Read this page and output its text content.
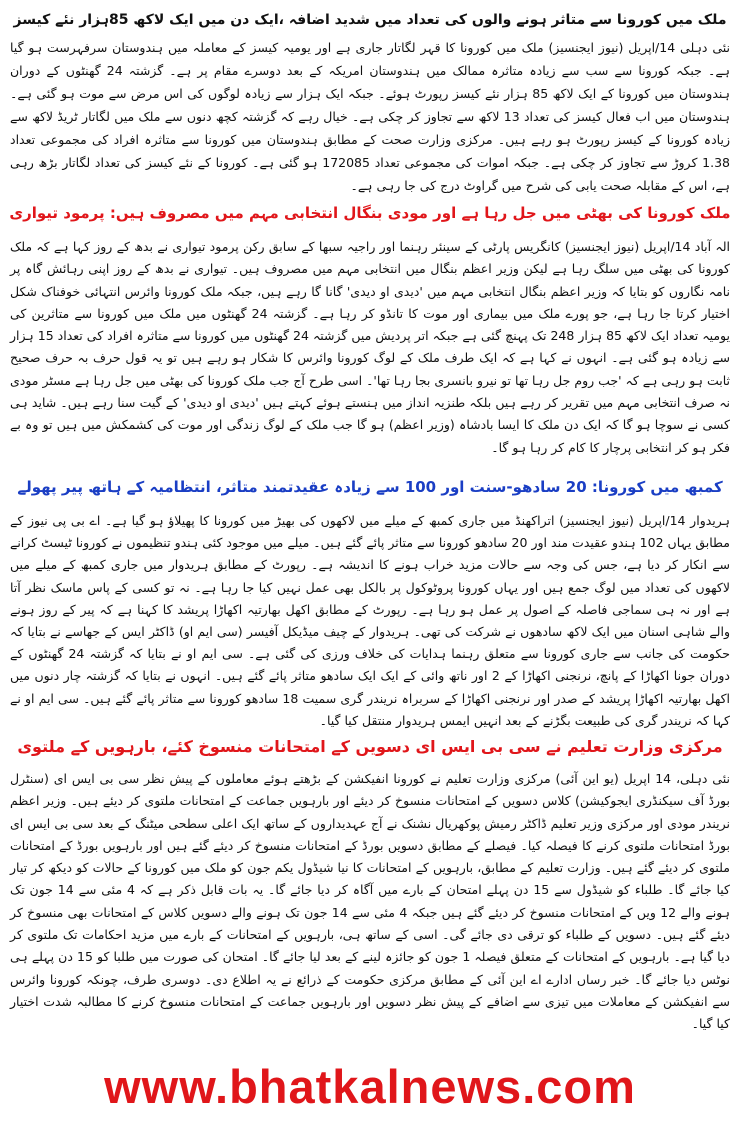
ملک میں کورونا سے متاثر ہونے والوں کی تعداد میں شدید اضافہ ،ایک دن میں ایک لاکھ 85ہزار نئے کیسز
نئی دہلی 14/اپریل (نیوز ایجنسیز) ملک میں کورونا کا قہر لگاتار جاری ہے اور یومیہ کیسز کے معاملہ میں ہندوستان سرفہرست ہو گیا ہے۔ جبکہ کورونا سے سب سے زیادہ متاثرہ ممالک میں ہندوستان امریکہ کے بعد دوسرے مقام پر ہے۔ گزشتہ 24 گھنٹوں کے دوران ہندوستان میں کورونا کے ایک لاکھ 85 ہزار نئے کیسز رپورٹ ہوئے۔ جبکہ ایک ہزار سے زیادہ لوگوں کی اس مرض سے موت ہو گئی ہے۔ ہندوستان میں اب فعال کیسز کی تعداد 13 لاکھ سے تجاوز کر چکی ہے۔ خیال رہے کہ گزشتہ کچھ دنوں سے ملک میں لگاتار ٹریڈ لاکھ سے زیادہ کورونا کے کیسز رپورٹ ہو رہے ہیں۔ مرکزی وزارت صحت کے مطابق ہندوستان میں کورونا سے متاثرہ افراد کی مجموعی تعداد 1.38 کروڑ سے تجاوز کر چکی ہے۔ جبکہ اموات کی مجموعی تعداد 172085 ہو گئی ہے۔ کورونا کے نئے کیسز کی تعداد لگاتار بڑھ رہی ہے، اس کے مقابلہ صحت یابی کی شرح میں گراوٹ درج کی جا رہی ہے۔
ملک کورونا کی بھٹی میں جل رہا ہے اور مودی بنگال انتخابی مہم میں مصروف ہیں: پرمود تیواری
الہ آباد 14/اپریل (نیوز ایجنسیز) کانگریس پارٹی کے سینئر رہنما اور راجیہ سبھا کے سابق رکن پرمود تیواری نے بدھ کے روز کہا ہے کہ ملک کورونا کی بھٹی میں سلگ رہا ہے لیکن وزیر اعظم بنگال میں انتخابی مہم میں مصروف ہیں۔ تیواری نے بدھ کے روز اپنی رہائش گاہ پر نامہ نگاروں کو بتایا کہ وزیر اعظم بنگال انتخابی مہم میں 'دیدی او دیدی' گانا گا رہے ہیں، جبکہ ملک کورونا وائرس انتہائی خوفناک شکل اختیار کرتا جا رہا ہے، جو پورے ملک میں بیماری اور موت کا تانڈو کر رہا ہے۔ گزشتہ 24 گھنٹوں میں ملک میں کورونا سے متاثرین کی یومیہ تعداد ایک لاکھ 85 ہزار 248 تک پہنچ گئی ہے جبکہ اتر پردیش میں گزشتہ 24 گھنٹوں میں کورونا سے متاثرہ افراد کی تعداد 15 ہزار سے زیادہ ہو گئی ہے۔ انہوں نے کہا ہے کہ ایک طرف ملک کے لوگ کورونا وائرس کا شکار ہو رہے ہیں تو یہ قول حرف بہ حرف صحیح ثابت ہو رہی ہے کہ 'جب روم جل رہا تھا تو نیرو بانسری بجا رہا تھا'۔ اسی طرح آج جب ملک کورونا کی بھٹی میں جل رہا ہے مسٹر مودی نہ صرف انتخابی مہم میں تقریر کر رہے ہیں بلکہ طنزیہ انداز میں ہنستے ہوئے کہتے ہیں 'دیدی او دیدی' کے گیت سنا رہے ہیں۔ شاید ہی کسی نے سوچا ہو گا کہ ایک دن ملک کا ایسا بادشاہ (وزیر اعظم) ہو گا جب ملک کے لوگ زندگی اور موت کی کشمکش میں ہیں تو وہ بے فکر ہو کر انتخابی پرچار کا کام کر رہا ہو گا۔
کمبھ میں کورونا: 20 سادھو-سنت اور 100 سے زیادہ عقیدتمند متاثر، انتظامیہ کے ہاتھ پیر پھولے
ہریدوار 14/اپریل (نیوز ایجنسیز) اتراکھنڈ میں جاری کمبھ کے میلے میں لاکھوں کی بھیڑ میں کورونا کا پھیلاؤ ہو گیا ہے۔ اے بی پی نیوز کے مطابق یہاں 102 ہندو عقیدت مند اور 20 سادھو کورونا سے متاثر پائے گئے ہیں۔ میلے میں موجود کئی ہندو تنظیموں نے کورونا ٹیسٹ کرانے سے انکار کر دیا ہے، جس کی وجہ سے حالات مزید خراب ہونے کا اندیشہ ہے۔ رپورٹ کے مطابق ہریدوار میں جاری کمبھ کے میلے میں لاکھوں کی تعداد میں لوگ جمع ہیں اور یہاں کورونا پروٹوکول پر بالکل بھی عمل نہیں کیا جا رہا ہے۔ نہ تو کسی کے پاس ماسک نظر آتا ہے اور نہ ہی سماجی فاصلہ کے اصول پر عمل ہو رہا ہے۔ رپورٹ کے مطابق اکھل بھارتیہ اکھاڑا پریشد کا کہنا ہے کہ پیر کے روز ہونے والے شاہی اسنان میں ایک لاکھ سادھوں نے شرکت کی تھی۔ ہریدوار کے چیف میڈیکل آفیسر (سی ایم او) ڈاکٹر ایس کے جھاسے نے بتایا کہ حکومت کی جانب سے جاری کورونا سے متعلق رہنما ہدایات کی خلاف ورزی کی گئی ہے۔ سی ایم او نے بتایا کہ گزشتہ 24 گھنٹوں کے دوران جونا اکھاڑا کے پانچ، نرنجنی اکھاڑا کے 2 اور ناتھ وائی کے ایک ایک سادھو متاثر پائے گئے ہیں۔ انہوں نے بتایا کہ گزشتہ چار دنوں میں اکھل بھارتیہ اکھاڑا پریشد کے صدر اور نرنجنی اکھاڑا کے سربراہ نریندر گری سمیت 18 سادھو کورونا سے متاثر پائے گئے ہیں۔ سی ایم او نے کہا کہ نریندر گری کی طبیعت بگڑنے کے بعد انہیں ایمس ہریدوار منتقل کیا گیا۔
مرکزی وزارت تعلیم نے سی بی ایس ای دسویں کے امتحانات منسوخ کئے، بارہویں کے ملتوی
نئی دہلی، 14 اپریل (یو این آئی) مرکزی وزارت تعلیم نے کورونا انفیکشن کے بڑھتے ہوئے معاملوں کے پیش نظر سی بی ایس ای (سنٹرل بورڈ آف سیکنڈری ایجوکیشن) کلاس دسویں کے امتحانات منسوخ کر دیئے اور بارہویں جماعت کے امتحانات ملتوی کر دیئے ہیں۔ وزیر اعظم نریندر مودی اور مرکزی وزیر تعلیم ڈاکٹر رمیش پوکھریال نشنک نے آج عہدیداروں کے ساتھ ایک اعلی سطحی میٹنگ کے بعد سی بی ایس ای بورڈ امتحانات ملتوی کرنے کا فیصلہ کیا۔ فیصلے کے مطابق دسویں بورڈ کے امتحانات منسوخ کر دیئے گئے ہیں اور بارہویں بورڈ کے امتحانات ملتوی کر دیئے گئے ہیں۔ وزارت تعلیم کے مطابق، بارہویں کے امتحانات کا نیا شیڈول یکم جون کو ملک میں کورونا کے حالات کو دیکھ کر تیار کیا جائے گا۔ طلباء کو شیڈول سے 15 دن پہلے امتحان کے بارے میں آگاہ کر دیا جائے گا۔ یہ بات قابل ذکر ہے کہ 4 مئی سے 14 جون تک ہونے والے 12 ویں کے امتحانات منسوخ کر دیئے گئے ہیں جبکہ 4 مئی سے 14 جون تک ہونے والے دسویں کلاس کے امتحانات بھی منسوخ کر دیئے گئے ہیں۔ دسویں کے طلباء کو ترقی دی جائے گی۔ اسی کے ساتھ ہی، بارہویں کے امتحانات کے بارے میں مزید احکامات تک ملتوی کر دیا گیا ہے۔ بارہویں کے امتحانات کے متعلق فیصلہ 1 جون کو جائزہ لینے کے بعد لیا جائے گا۔ امتحان کی صورت میں طلبا کو 15 دن پہلے ہی نوٹس دیا جائے گا۔ خبر رساں ادارے اے این آئی کے مطابق مرکزی حکومت کے ذرائع نے یہ اطلاع دی۔ دوسری طرف، چونکہ کورونا وائرس سے انفیکشن کے معاملات میں تیزی سے اضافے کے پیش نظر دسویں اور بارہویں جماعت کے امتحانات منسوخ کرنے کا مطالبہ شدت اختیار کیا گیا۔
www.bhatkalnews.com
